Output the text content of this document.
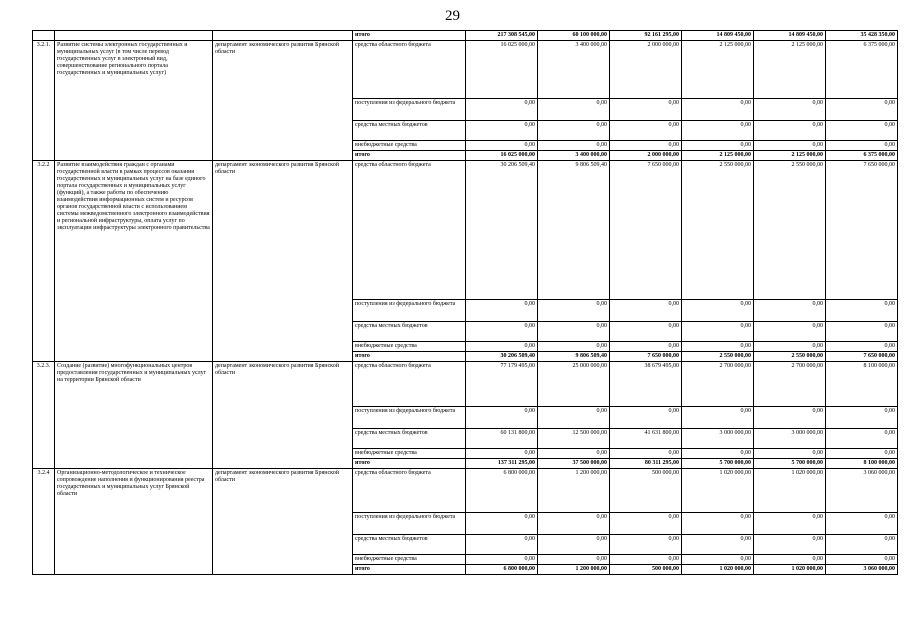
29
			итого	217 308 545,00	60 100 000,00	92 161 295,00	14 809 450,00	14 809 450,00	35 428 350,00
3.2.1.	Развитие системы электронных государственных и муниципальных услуг (в том числе перевод государственных услуг в электронный вид, совершенствование регионального портала государственных и муниципальных услуг)	департамент экономического развития Брянской области	средства областного бюджета	16 025 000,00	3 400 000,00	2 000 000,00	2 125 000,00	2 125 000,00	6 375 000,00
			поступления из федерального бюджета	0,00	0,00	0,00	0,00	0,00	0,00
			средства местных бюджетов	0,00	0,00	0,00	0,00	0,00	0,00
			внебюджетные средства	0,00	0,00	0,00	0,00	0,00	0,00
			итого	16 025 000,00	3 400 000,00	2 000 000,00	2 125 000,00	2 125 000,00	6 375 000,00
3.2.2	Развитие взаимодействия граждан с органами государственной власти в рамках процессов оказания государственных и муниципальных услуг на базе единого портала государственных и муниципальных услуг (функций), а также работы по обеспечению взаимодействия информационных систем и ресурсов органов государственной власти с использованием системы межведомственного электронного взаимодействия и региональной инфраструктуры, оплата услуг по эксплуатации инфраструктуры электронного правительства	департамент экономического развития Брянской области	средства областного бюджета	30 206 509,40	9 806 509,40	7 650 000,00	2 550 000,00	2 550 000,00	7 650 000,00
			поступления из федерального бюджета	0,00	0,00	0,00	0,00	0,00	0,00
			средства местных бюджетов	0,00	0,00	0,00	0,00	0,00	0,00
			внебюджетные средства	0,00	0,00	0,00	0,00	0,00	0,00
			итого	30 206 509,40	9 806 509,40	7 650 000,00	2 550 000,00	2 550 000,00	7 650 000,00
3.2.3.	Создание (развитие) многофункциональных центров предоставления государственных и муниципальных услуг на территории Брянской области	департамент экономического развития Брянской области	средства областного бюджета	77 179 495,00	25 000 000,00	38 679 495,00	2 700 000,00	2 700 000,00	8 100 000,00
			поступления из федерального бюджета	0,00	0,00	0,00	0,00	0,00	0,00
			средства местных бюджетов	60 131 800,00	12 500 000,00	41 631 800,00	3 000 000,00	3 000 000,00	0,00
			внебюджетные средства	0,00	0,00	0,00	0,00	0,00	0,00
			итого	137 311 295,00	37 500 000,00	80 311 295,00	5 700 000,00	5 700 000,00	8 100 000,00
3.2.4	Организационно-методологическое и техническое сопровождение наполнения и функционирования реестра государственных и муниципальных услуг Брянской области	департамент экономического развития Брянской области	средства областного бюджета	6 800 000,00	1 200 000,00	500 000,00	1 020 000,00	1 020 000,00	3 060 000,00
			поступления из федерального бюджета	0,00	0,00	0,00	0,00	0,00	0,00
			средства местных бюджетов	0,00	0,00	0,00	0,00	0,00	0,00
			внебюджетные средства	0,00	0,00	0,00	0,00	0,00	0,00
			итого	6 800 000,00	1 200 000,00	500 000,00	1 020 000,00	1 020 000,00	3 060 000,00
